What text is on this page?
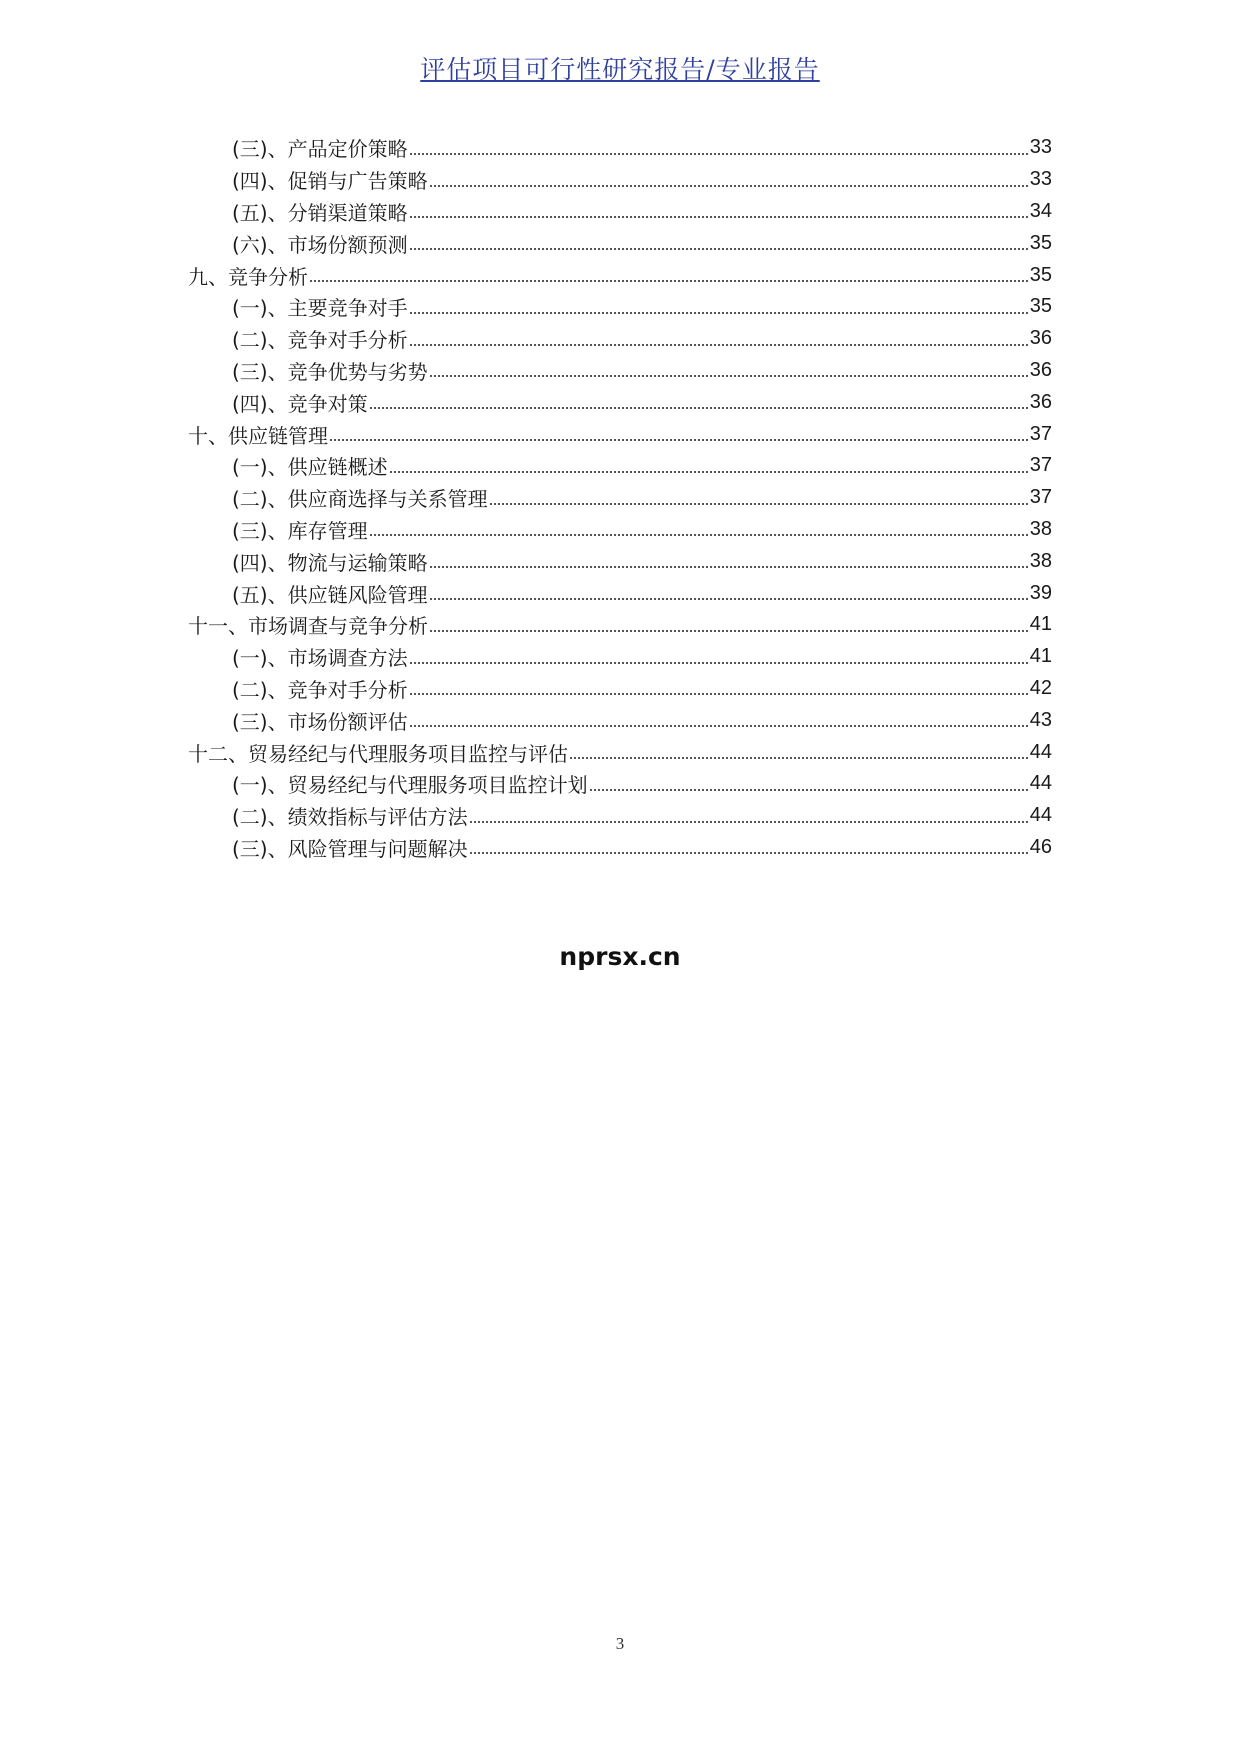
评估项目可行性研究报告/专业报告
(三)、产品定价策略	33
(四)、促销与广告策略	33
(五)、分销渠道策略	34
(六)、市场份额预测	35
九、竞争分析	35
(一)、主要竞争对手	35
(二)、竞争对手分析	36
(三)、竞争优势与劣势	36
(四)、竞争对策	36
十、供应链管理	37
(一)、供应链概述	37
(二)、供应商选择与关系管理	37
(三)、库存管理	38
(四)、物流与运输策略	38
(五)、供应链风险管理	39
十一、市场调查与竞争分析	41
(一)、市场调查方法	41
(二)、竞争对手分析	42
(三)、市场份额评估	43
十二、贸易经纪与代理服务项目监控与评估	44
(一)、贸易经纪与代理服务项目监控计划	44
(二)、绩效指标与评估方法	44
(三)、风险管理与问题解决	46
nprsx.cn
3
